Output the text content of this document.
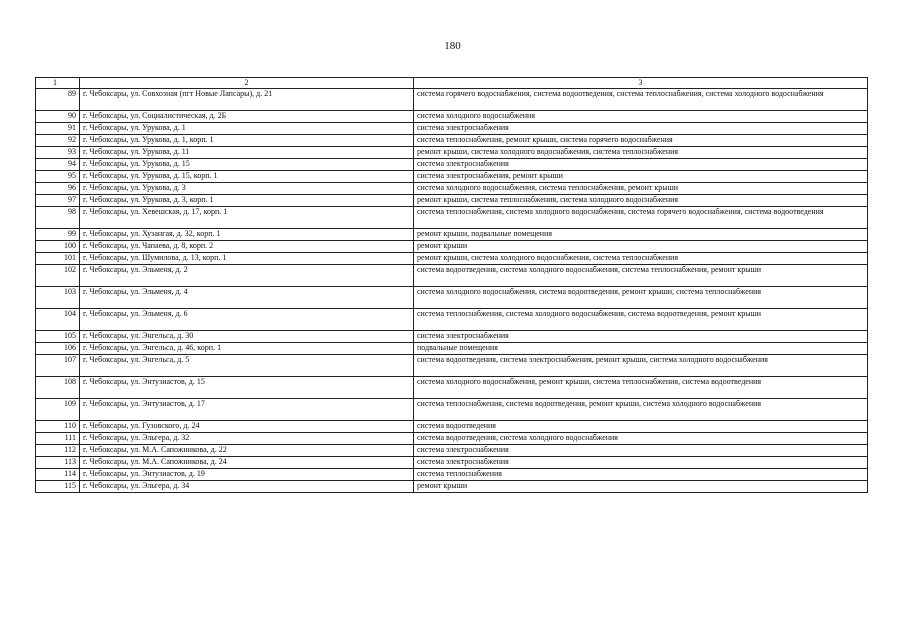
180
1	2	3
89	г. Чебоксары, ул. Совхозная (пгт Новые Лапсары), д. 21	система горячего водоснабжения, система водоотведения, система теплоснабжения, система холодного водоснабжения
90	г. Чебоксары, ул. Социалистическая, д. 2Б	система холодного водоснабжения
91	г. Чебоксары, ул. Урукова, д. 1	система электроснабжения
92	г. Чебоксары, ул. Урукова, д. 1, корп. 1	система теплоснабжения, ремонт крыши, система горячего водоснабжения
93	г. Чебоксары, ул. Урукова, д. 11	ремонт крыши, система холодного водоснабжения, система теплоснабжения
94	г. Чебоксары, ул. Урукова, д. 15	система электроснабжения
95	г. Чебоксары, ул. Урукова, д. 15, корп. 1	система электроснабжения, ремонт крыши
96	г. Чебоксары, ул. Урукова, д. 3	система холодного водоснабжения, система теплоснабжения, ремонт крыши
97	г. Чебоксары, ул. Урукова, д. 3, корп. 1	ремонт крыши, система теплоснабжения, система холодного водоснабжения
98	г. Чебоксары, ул. Хевешская, д. 17, корп. 1	система теплоснабжения, система холодного водоснабжения, система горячего водоснабжения, система водоотведения
99	г. Чебоксары, ул. Хузангая, д. 32, корп. 1	ремонт крыши, подвальные помещения
100	г. Чебоксары, ул. Чапаева, д. 8, корп. 2	ремонт крыши
101	г. Чебоксары, ул. Шумилова, д. 13, корп. 1	ремонт крыши, система холодного водоснабжения, система теплоснабжения
102	г. Чебоксары, ул. Эльменя, д. 2	система водоотведения, система холодного водоснабжения, система теплоснабжения, ремонт крыши
103	г. Чебоксары, ул. Эльменя, д. 4	система холодного водоснабжения, система водоотведения, ремонт крыши, система теплоснабжения
104	г. Чебоксары, ул. Эльменя, д. 6	система теплоснабжения, система холодного водоснабжения, система водоотведения, ремонт крыши
105	г. Чебоксары, ул. Энгельса, д. 30	система электроснабжения
106	г. Чебоксары, ул. Энгельса, д. 46, корп. 1	подвальные помещения
107	г. Чебоксары, ул. Энгельса, д. 5	система водоотведения, система электроснабжения, ремонт крыши, система холодного водоснабжения
108	г. Чебоксары, ул. Энтузиастов, д. 15	система холодного водоснабжения, ремонт крыши, система теплоснабжения, система водоотведения
109	г. Чебоксары, ул. Энтузиастов, д. 17	система теплоснабжения, система водоотведения, ремонт крыши, система холодного водоснабжения
110	г. Чебоксары, ул. Гузовского, д. 24	система водоотведения
111	г. Чебоксары, ул. Эльгера, д. 32	система водоотведения, система холодного водоснабжения
112	г. Чебоксары, ул. М.А. Сапожникова, д. 22	система электроснабжения
113	г. Чебоксары, ул. М.А. Сапожникова, д. 24	система электроснабжения
114	г. Чебоксары, ул. Энтузиастов, д. 19	система теплоснабжения
115	г. Чебоксары, ул. Эльгера, д. 34	ремонт крыши
